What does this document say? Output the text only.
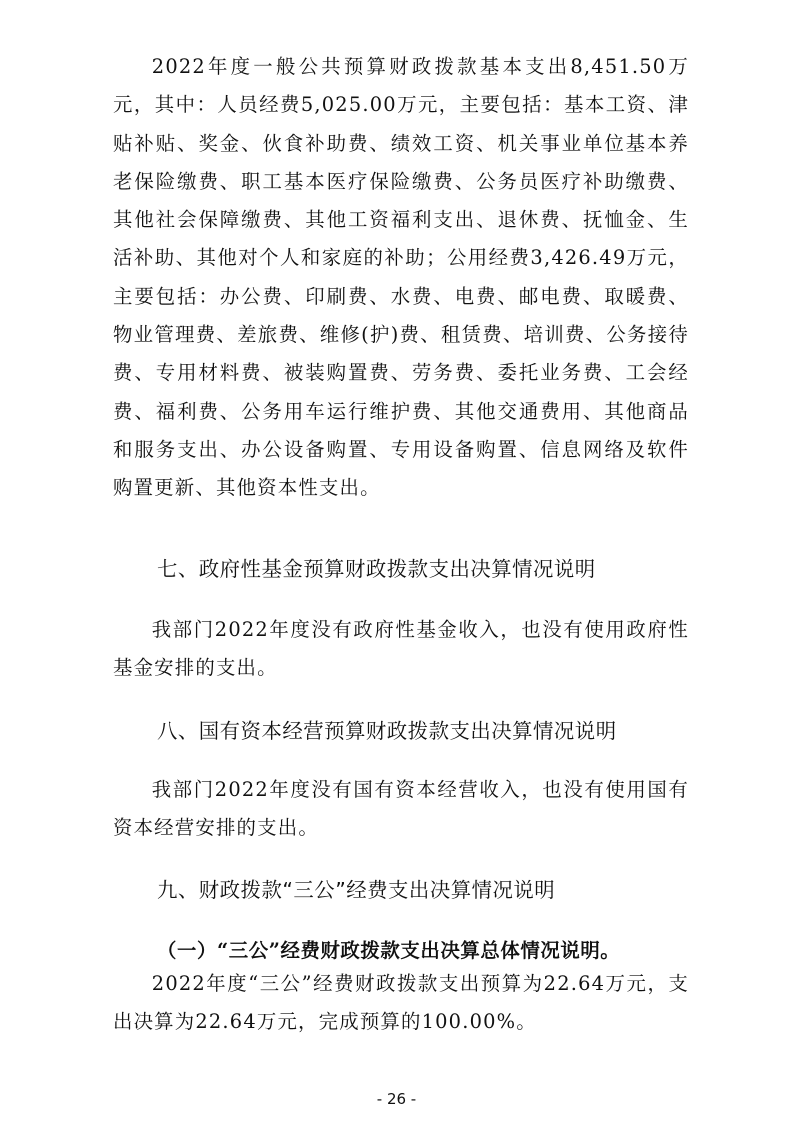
2022年度一般公共预算财政拨款基本支出8,451.50万元，其中：人员经费5,025.00万元，主要包括：基本工资、津贴补贴、奖金、伙食补助费、绩效工资、机关事业单位基本养老保险缴费、职工基本医疗保险缴费、公务员医疗补助缴费、其他社会保障缴费、其他工资福利支出、退休费、抚恤金、生活补助、其他对个人和家庭的补助；公用经费3,426.49万元，主要包括：办公费、印刷费、水费、电费、邮电费、取暖费、物业管理费、差旅费、维修(护)费、租赁费、培训费、公务接待费、专用材料费、被装购置费、劳务费、委托业务费、工会经费、福利费、公务用车运行维护费、其他交通费用、其他商品和服务支出、办公设备购置、专用设备购置、信息网络及软件购置更新、其他资本性支出。

七、政府性基金预算财政拨款支出决算情况说明

我部门2022年度没有政府性基金收入，也没有使用政府性基金安排的支出。

八、国有资本经营预算财政拨款支出决算情况说明

我部门2022年度没有国有资本经营收入，也没有使用国有资本经营安排的支出。

九、财政拨款“三公”经费支出决算情况说明
（一）“三公”经费财政拨款支出决算总体情况说明。

2022年度“三公”经费财政拨款支出预算为22.64万元，支出决算为22.64万元，完成预算的100.00%。

- 26 -
